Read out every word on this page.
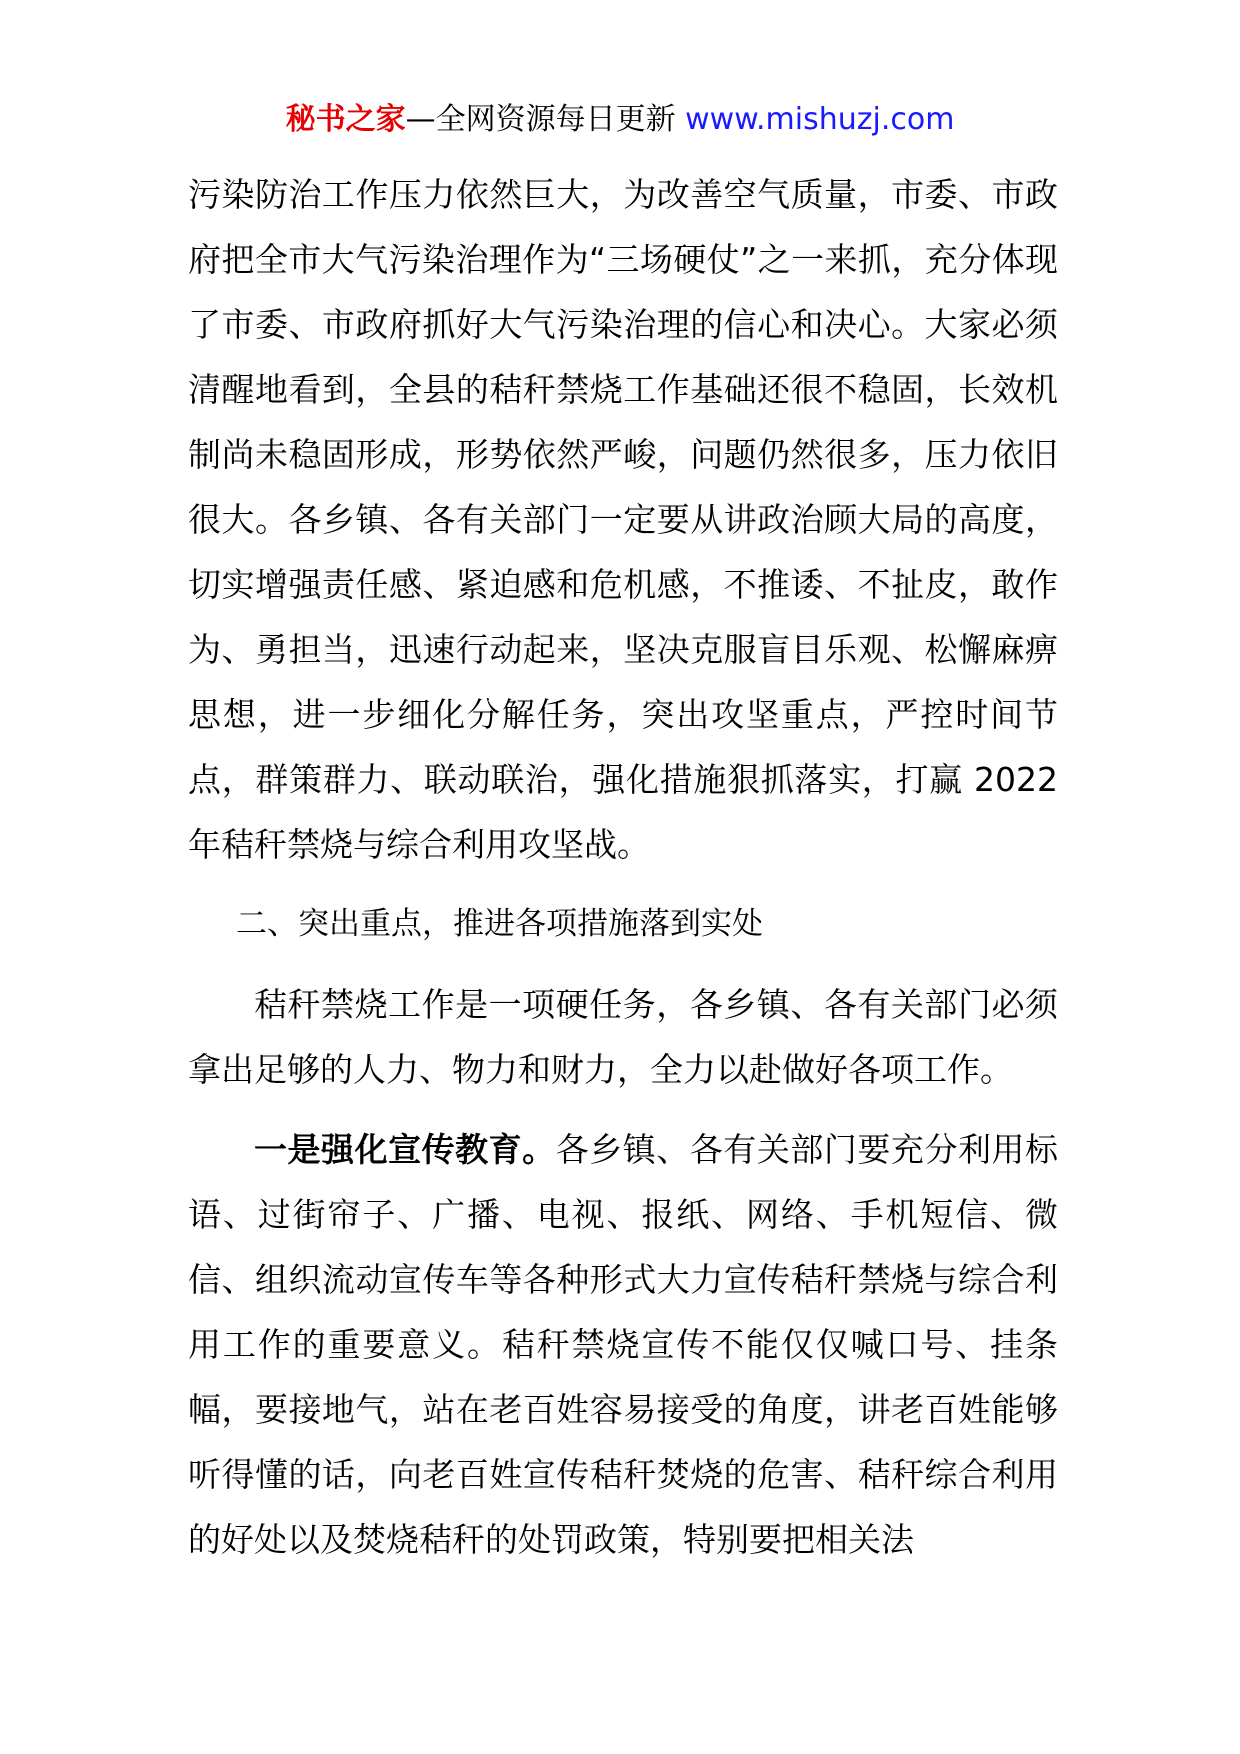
秘书之家—全网资源每日更新 www.mishuzj.com

污染防治工作压力依然巨大，为改善空气质量，市委、市政府把全市大气污染治理作为“三场硬仗”之一来抓，充分体现了市委、市政府抓好大气污染治理的信心和决心。大家必须清醒地看到，全县的秸秆禁烧工作基础还很不稳固，长效机制尚未稳固形成，形势依然严峻，问题仍然很多，压力依旧很大。各乡镇、各有关部门一定要从讲政治顾大局的高度，切实增强责任感、紧迫感和危机感，不推诿、不扯皮，敢作为、勇担当，迅速行动起来，坚决克服盲目乐观、松懈麻痹思想，进一步细化分解任务，突出攻坚重点，严控时间节点，群策群力、联动联治，强化措施狠抓落实，打赢 2022 年秸秆禁烧与综合利用攻坚战。

二、突出重点，推进各项措施落到实处

秸秆禁烧工作是一项硬任务，各乡镇、各有关部门必须拿出足够的人力、物力和财力，全力以赴做好各项工作。

一是强化宣传教育。各乡镇、各有关部门要充分利用标语、过街帘子、广播、电视、报纸、网络、手机短信、微信、组织流动宣传车等各种形式大力宣传秸秆禁烧与综合利用工作的重要意义。秸秆禁烧宣传不能仅仅喊口号、挂条幅，要接地气，站在老百姓容易接受的角度，讲老百姓能够听得懂的话，向老百姓宣传秸秆焚烧的危害、秸秆综合利用的好处以及焚烧秸秆的处罚政策，特别要把相关法
